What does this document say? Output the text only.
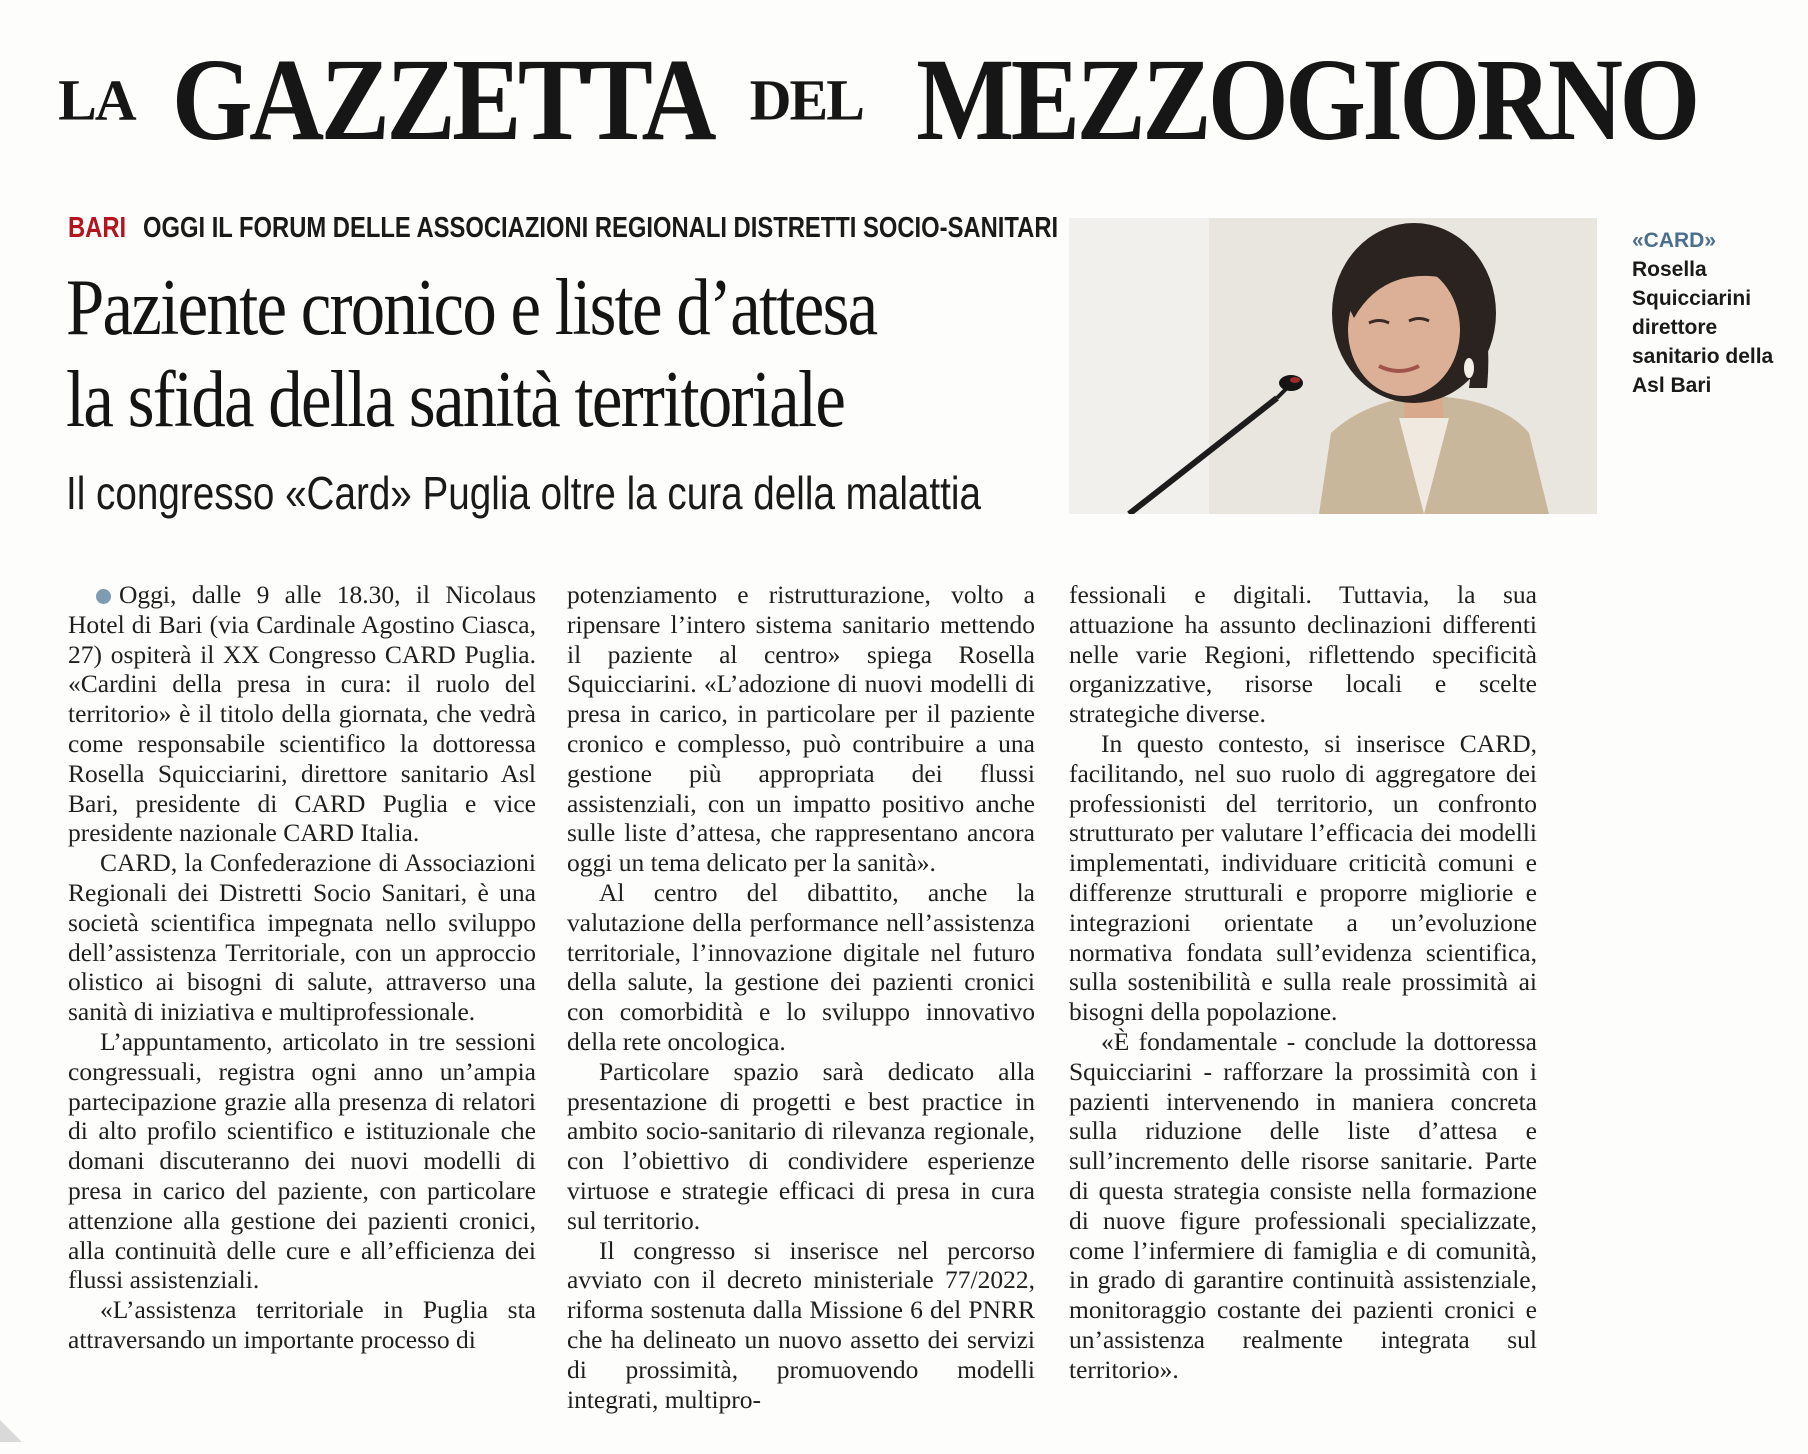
LA GAZZETTA DEL MEZZOGIORNO
BARI OGGI IL FORUM DELLE ASSOCIAZIONI REGIONALI DISTRETTI SOCIO-SANITARI
Paziente cronico e liste d’attesa
la sfida della sanità territoriale
Il congresso «Card» Puglia oltre la cura della malattia
«CARD»
Rosella
Squicciarini
direttore
sanitario della
Asl Bari

Oggi, dalle 9 alle 18.30, il Nicolaus Hotel di Bari (via Cardinale Agostino Ciasca, 27) ospiterà il XX Congresso CARD Puglia. «Cardini della presa in cura: il ruolo del territorio» è il titolo della giornata, che vedrà come responsabile scientifico la dottoressa Rosella Squicciarini, direttore sanitario Asl Bari, presidente di CARD Puglia e vice presidente nazionale CARD Italia.

CARD, la Confederazione di Associazioni Regionali dei Distretti Socio Sanitari, è una società scientifica impegnata nello sviluppo dell’assistenza Territoriale, con un approccio olistico ai bisogni di salute, attraverso una sanità di iniziativa e multiprofessionale.

L’appuntamento, articolato in tre sessioni congressuali, registra ogni anno un’ampia partecipazione grazie alla presenza di relatori di alto profilo scientifico e istituzionale che domani discuteranno dei nuovi modelli di presa in carico del paziente, con particolare attenzione alla gestione dei pazienti cronici, alla continuità delle cure e all’efficienza dei flussi assistenziali.

«L’assistenza territoriale in Puglia sta attraversando un importante processo di

potenziamento e ristrutturazione, volto a ripensare l’intero sistema sanitario mettendo il paziente al centro» spiega Rosella Squicciarini. «L’adozione di nuovi modelli di presa in carico, in particolare per il paziente cronico e complesso, può contribuire a una gestione più appropriata dei flussi assistenziali, con un impatto positivo anche sulle liste d’attesa, che rappresentano ancora oggi un tema delicato per la sanità».

Al centro del dibattito, anche la valutazione della performance nell’assistenza territoriale, l’innovazione digitale nel futuro della salute, la gestione dei pazienti cronici con comorbidità e lo sviluppo innovativo della rete oncologica.

Particolare spazio sarà dedicato alla presentazione di progetti e best practice in ambito socio-sanitario di rilevanza regionale, con l’obiettivo di condividere esperienze virtuose e strategie efficaci di presa in cura sul territorio.

Il congresso si inserisce nel percorso avviato con il decreto ministeriale 77/2022, riforma sostenuta dalla Missione 6 del PNRR che ha delineato un nuovo assetto dei servizi di prossimità, promuovendo modelli integrati, multipro-

fessionali e digitali. Tuttavia, la sua attuazione ha assunto declinazioni differenti nelle varie Regioni, riflettendo specificità organizzative, risorse locali e scelte strategiche diverse.

In questo contesto, si inserisce CARD, facilitando, nel suo ruolo di aggregatore dei professionisti del territorio, un confronto strutturato per valutare l’efficacia dei modelli implementati, individuare criticità comuni e differenze strutturali e proporre migliorie e integrazioni orientate a un’evoluzione normativa fondata sull’evidenza scientifica, sulla sostenibilità e sulla reale prossimità ai bisogni della popolazione.

«È fondamentale - conclude la dottoressa Squicciarini - rafforzare la prossimità con i pazienti intervenendo in maniera concreta sulla riduzione delle liste d’attesa e sull’incremento delle risorse sanitarie. Parte di questa strategia consiste nella formazione di nuove figure professionali specializzate, come l’infermiere di famiglia e di comunità, in grado di garantire continuità assistenziale, monitoraggio costante dei pazienti cronici e un’assistenza realmente integrata sul territorio».
